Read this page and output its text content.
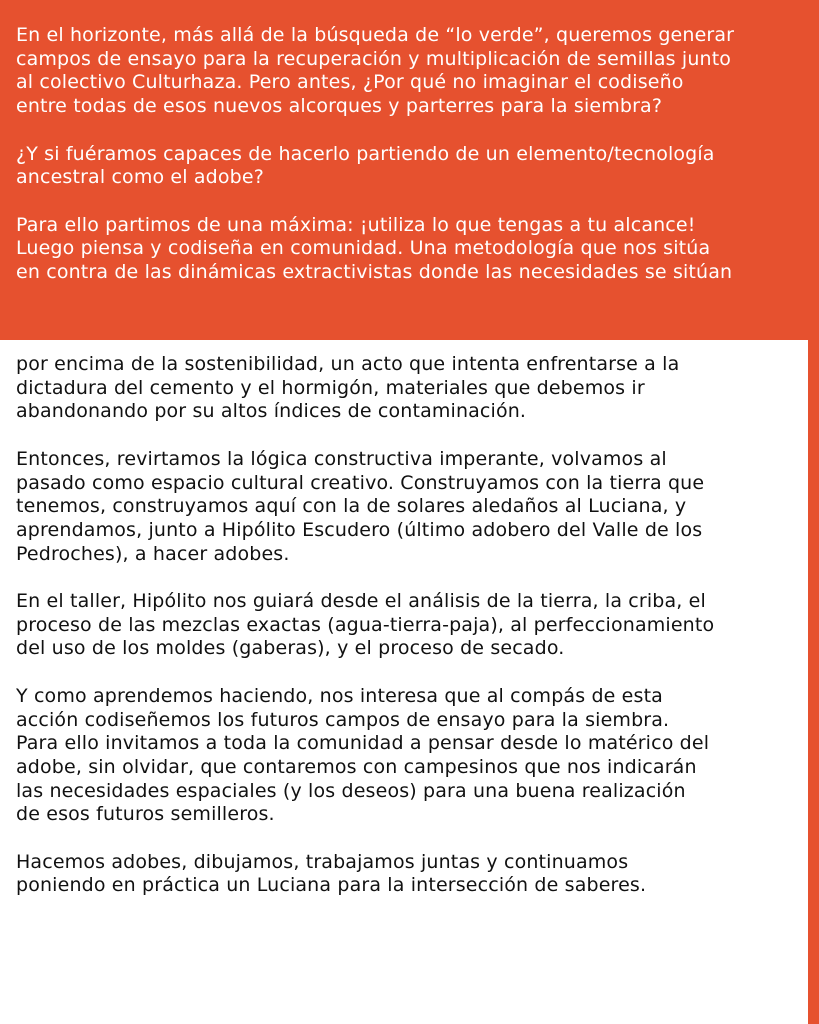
En el horizonte, más allá de la búsqueda de “lo verde”, queremos generar
campos de ensayo para la recuperación y multiplicación de semillas junto
al colectivo Culturhaza. Pero antes, ¿Por qué no imaginar el codiseño
entre todas de esos nuevos alcorques y parterres para la siembra?
¿Y si fuéramos capaces de hacerlo partiendo de un elemento/tecnología
ancestral como el adobe?
Para ello partimos de una máxima: ¡utiliza lo que tengas a tu alcance!
Luego piensa y codiseña en comunidad. Una metodología que nos sitúa
en contra de las dinámicas extractivistas donde las necesidades se sitúan
por encima de la sostenibilidad, un acto que intenta enfrentarse a la
dictadura del cemento y el hormigón, materiales que debemos ir
abandonando por su altos índices de contaminación.
Entonces, revirtamos la lógica constructiva imperante, volvamos al
pasado como espacio cultural creativo. Construyamos con la tierra que
tenemos, construyamos aquí con la de solares aledaños al Luciana, y
aprendamos, junto a Hipólito Escudero (último adobero del Valle de los
Pedroches), a hacer adobes.
En el taller, Hipólito nos guiará desde el análisis de la tierra, la criba, el
proceso de las mezclas exactas (agua-tierra-paja), al perfeccionamiento
del uso de los moldes (gaberas), y el proceso de secado.
Y como aprendemos haciendo, nos interesa que al compás de esta
acción codiseñemos los futuros campos de ensayo para la siembra.
Para ello invitamos a toda la comunidad a pensar desde lo matérico del
adobe, sin olvidar, que contaremos con campesinos que nos indicarán
las necesidades espaciales (y los deseos) para una buena realización
de esos futuros semilleros.
Hacemos adobes, dibujamos, trabajamos juntas y continuamos
poniendo en práctica un Luciana para la intersección de saberes.
